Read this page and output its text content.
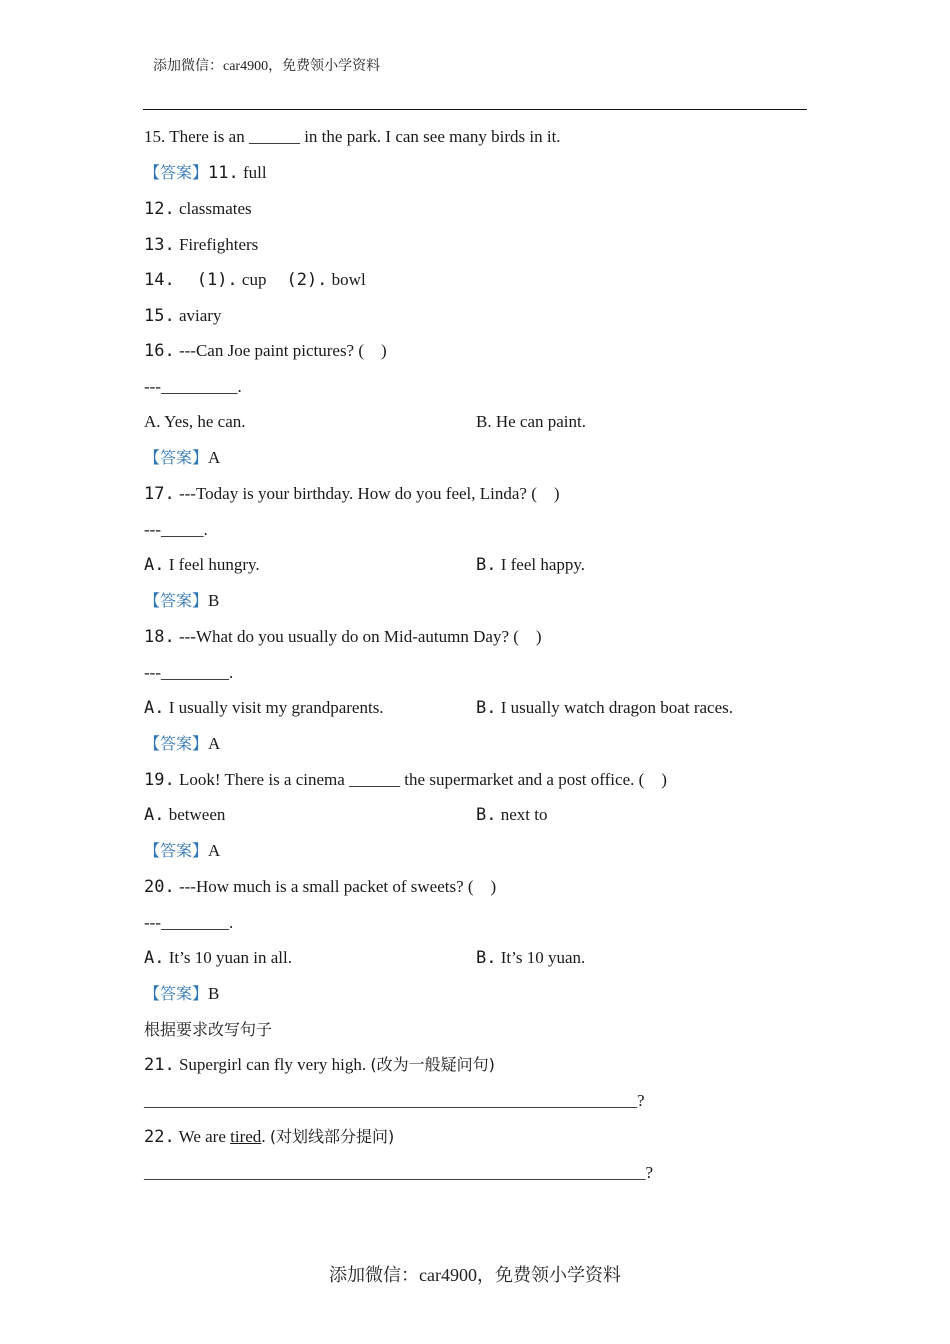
添加微信：car4900，免费领小学资料
15. There is an ______ in the park. I can see many birds in it.
【答案】11. full
12. classmates
13. Firefighters
14. (1). cup (2). bowl
15. aviary
16. ---Can Joe paint pictures? (    )
---_________.
A. Yes, he can.	B. He can paint.
【答案】A
17. ---Today is your birthday. How do you feel, Linda? (    )
---_____.
A. I feel hungry.	B. I feel happy.
【答案】B
18. ---What do you usually do on Mid-autumn Day? (    )
---________.
A. I usually visit my grandparents.	B. I usually watch dragon boat races.
【答案】A
19. Look! There is a cinema ______ the supermarket and a post office. (    )
A. between	B. next to
【答案】A
20. ---How much is a small packet of sweets? (    )
---________.
A. It’s 10 yuan in all.	B. It’s 10 yuan.
【答案】B
根据要求改写句子
21. Supergirl can fly very high. (改为一般疑问句)
__________________________________________________________?
22. We are tired. (对划线部分提问)
___________________________________________________________?
添加微信：car4900，免费领小学资料
